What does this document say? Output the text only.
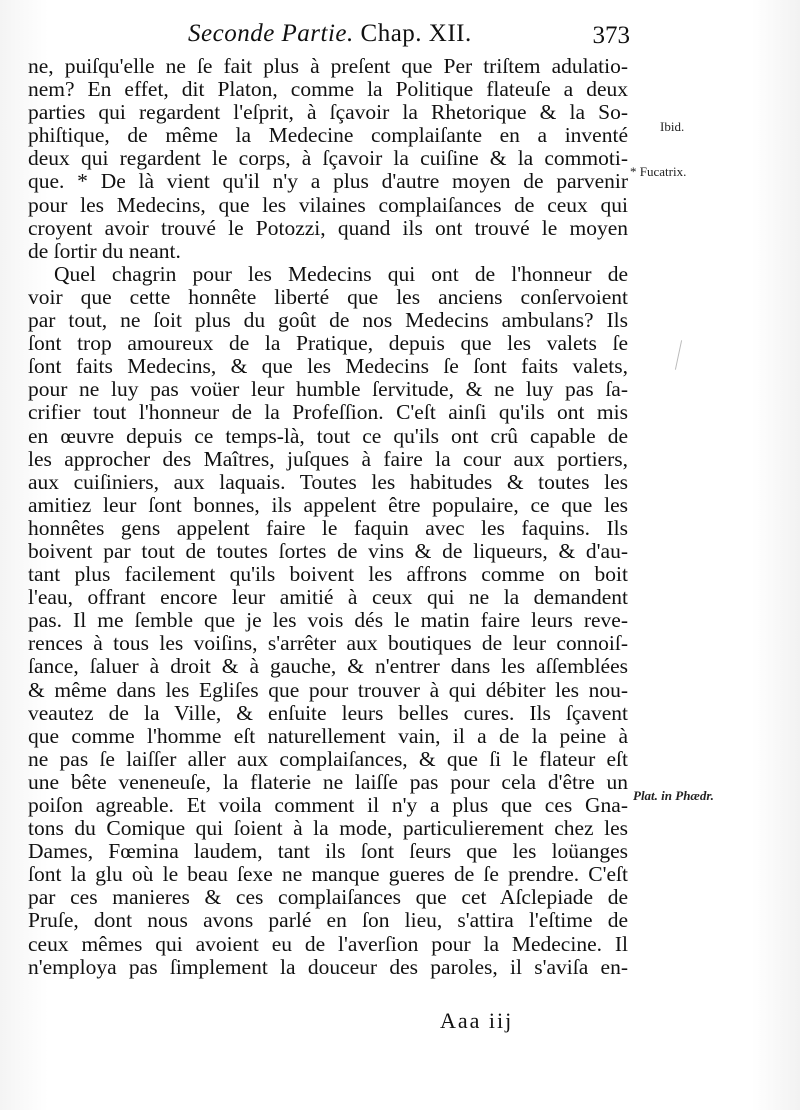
Seconde Partie. Chap. XII.	373
ne, puiſqu'elle ne ſe fait plus à preſent que Per triſtem adulatio-
nem? En effet, dit Platon, comme la Politique flateuſe a deux
parties qui regardent l'eſprit, à ſçavoir la Rhetorique & la So-
phiſtique, de même la Medecine complaiſante en a inventé
deux qui regardent le corps, à ſçavoir la cuiſine & la commoti-
que. * De là vient qu'il n'y a plus d'autre moyen de parvenir
pour les Medecins, que les vilaines complaiſances de ceux qui
croyent avoir trouvé le Potozzi, quand ils ont trouvé le moyen
de ſortir du neant.
Quel chagrin pour les Medecins qui ont de l'honneur de
voir que cette honnête liberté que les anciens conſervoient
par tout, ne ſoit plus du goût de nos Medecins ambulans? Ils
ſont trop amoureux de la Pratique, depuis que les valets ſe
ſont faits Medecins, & que les Medecins ſe ſont faits valets,
pour ne luy pas voüer leur humble ſervitude, & ne luy pas ſa-
crifier tout l'honneur de la Profeſſion. C'eſt ainſi qu'ils ont mis
en œuvre depuis ce temps-là, tout ce qu'ils ont crû capable de
les approcher des Maîtres, juſques à faire la cour aux portiers,
aux cuiſiniers, aux laquais. Toutes les habitudes & toutes les
amitiez leur ſont bonnes, ils appelent être populaire, ce que les
honnêtes gens appelent faire le faquin avec les faquins. Ils
boivent par tout de toutes ſortes de vins & de liqueurs, & d'au-
tant plus facilement qu'ils boivent les affrons comme on boit
l'eau, offrant encore leur amitié à ceux qui ne la demandent
pas. Il me ſemble que je les vois dés le matin faire leurs reve-
rences à tous les voiſins, s'arrêter aux boutiques de leur connoiſ-
ſance, ſaluer à droit & à gauche, & n'entrer dans les aſſemblées
& même dans les Egliſes que pour trouver à qui débiter les nou-
veautez de la Ville, & enſuite leurs belles cures. Ils ſçavent
que comme l'homme eſt naturellement vain, il a de la peine à
ne pas ſe laiſſer aller aux complaiſances, & que ſi le flateur eſt
une bête veneneuſe, la flaterie ne laiſſe pas pour cela d'être un
poiſon agreable. Et voila comment il n'y a plus que ces Gna-
tons du Comique qui ſoient à la mode, particulierement chez les
Dames, Fœmina laudem, tant ils ſont ſeurs que les loüanges
ſont la glu où le beau ſexe ne manque gueres de ſe prendre. C'eſt
par ces manieres & ces complaiſances que cet Aſclepiade de
Pruſe, dont nous avons parlé en ſon lieu, s'attira l'eſtime de
ceux mêmes qui avoient eu de l'averſion pour la Medecine. Il
n'employa pas ſimplement la douceur des paroles, il s'aviſa en-
Aaa iij
Ibid.
* Fucatrix.
Plat. in Phædr.
